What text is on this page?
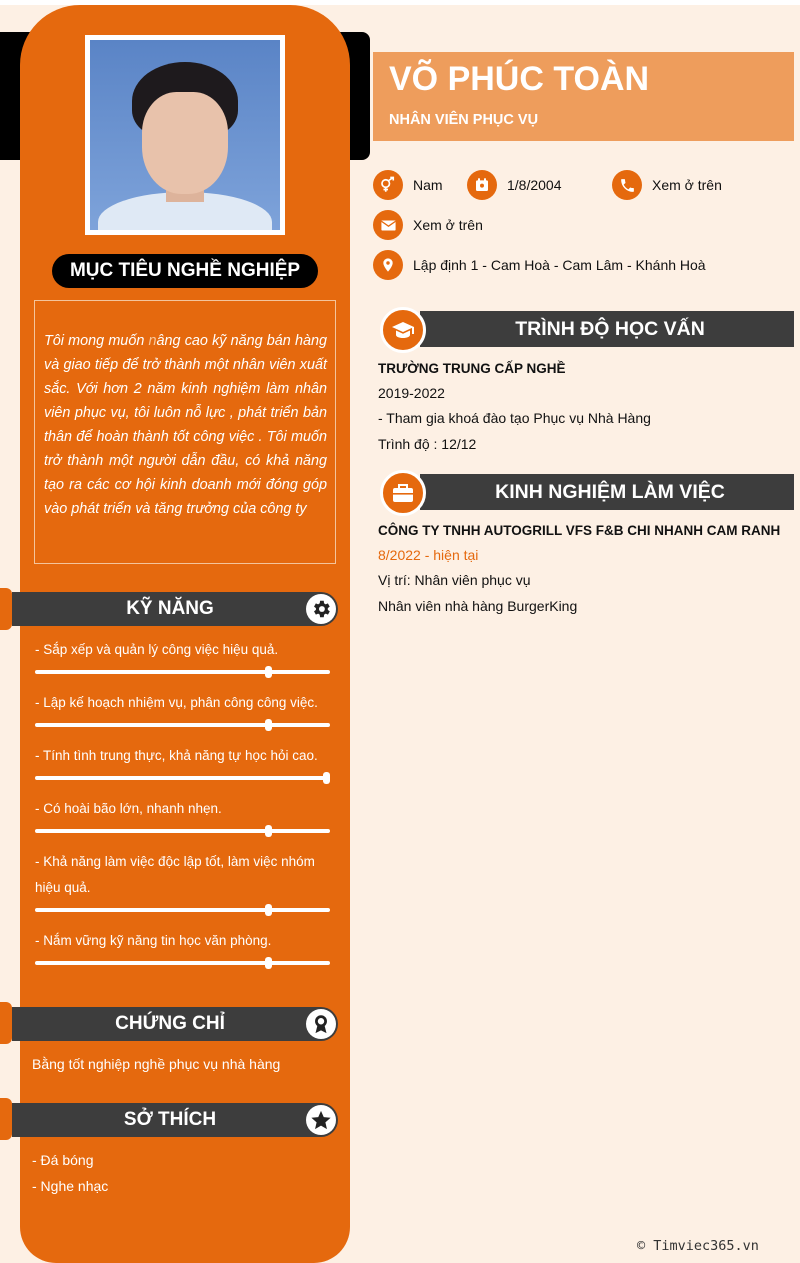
MỤC TIÊU NGHỀ NGHIỆP

Tôi mong muốn nâng cao kỹ năng bán hàng và giao tiếp để trở thành một nhân viên xuất sắc. Với hơn 2 năm kinh nghiệm làm nhân viên phục vụ, tôi luôn nỗ lực , phát triển bản thân để hoàn thành tốt công việc . Tôi muốn trở thành một người dẫn đầu, có khả năng tạo ra các cơ hội kinh doanh mới đóng góp vào phát triển và tăng trưởng của công ty

KỸ NĂNG
- Sắp xếp và quản lý công việc hiệu quả.
- Lập kế hoạch nhiệm vụ, phân công công việc.
- Tính tình trung thực, khả năng tự học hỏi cao.
- Có hoài bão lớn, nhanh nhẹn.
- Khả năng làm việc độc lập tốt, làm việc nhóm hiệu quả.
- Nắm vững kỹ năng tin học văn phòng.
CHỨNG CHỈ
Bằng tốt nghiệp nghề phục vụ nhà hàng
SỞ THÍCH
- Đá bóng
- Nghe nhạc
VÕ PHÚC TOÀN
NHÂN VIÊN PHỤC VỤ
Nam	1/8/2004	Xem ở trên
Xem ở trên
Lập định 1 - Cam Hoà - Cam Lâm - Khánh Hoà
TRÌNH ĐỘ HỌC VẤN
TRƯỜNG TRUNG CẤP NGHỀ
2019-2022
- Tham gia khoá đào tạo Phục vụ Nhà Hàng
Trình độ : 12/12
KINH NGHIỆM LÀM VIỆC
CÔNG TY TNHH AUTOGRILL VFS F&B CHI NHANH CAM RANH
8/2022 - hiện tại
Vị trí: Nhân viên phục vụ
Nhân viên nhà hàng BurgerKing
© Timviec365.vn
